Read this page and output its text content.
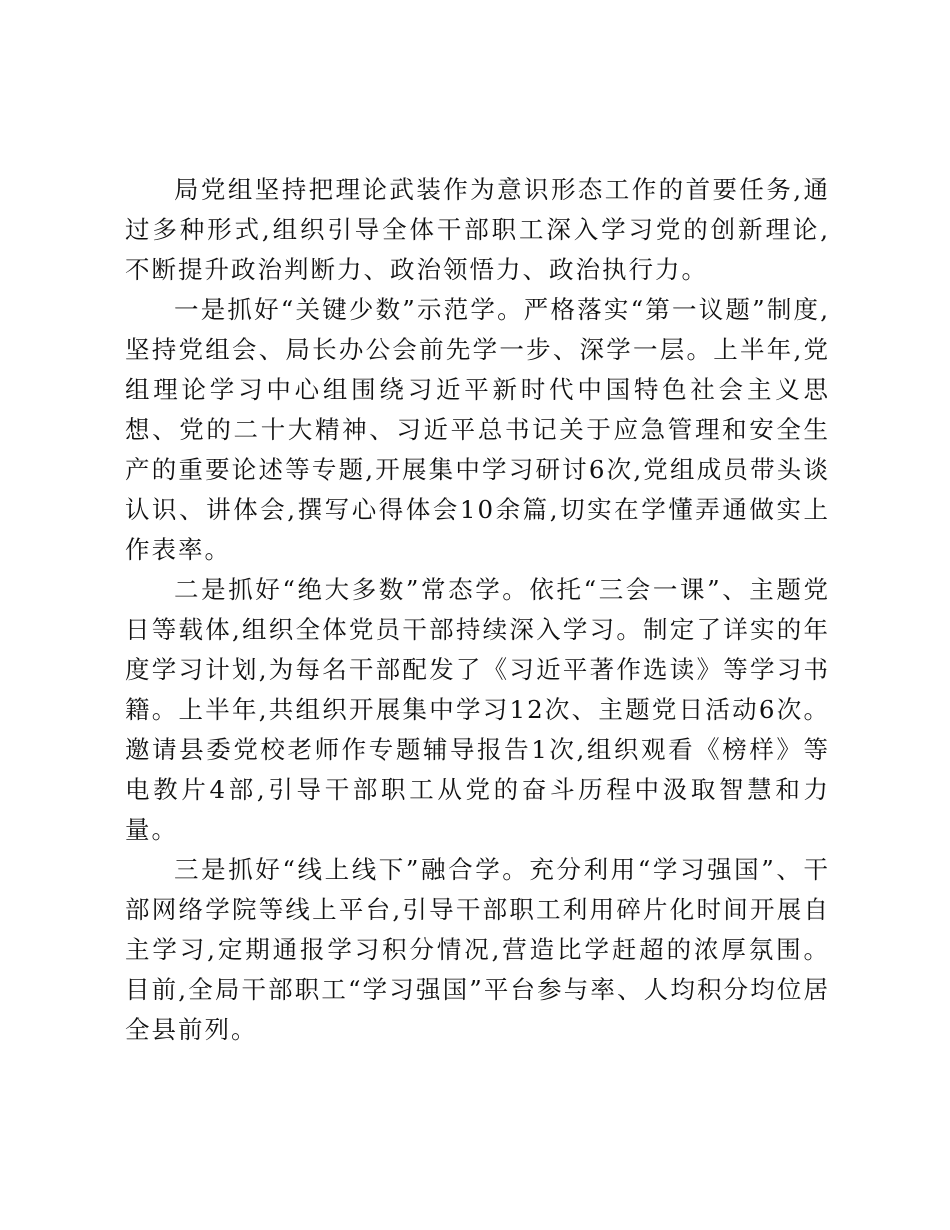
局党组坚持把理论武装作为意识形态工作的首要任务,通过多种形式,组织引导全体干部职工深入学习党的创新理论,不断提升政治判断力、政治领悟力、政治执行力。

一是抓好“关键少数”示范学。严格落实“第一议题”制度,坚持党组会、局长办公会前先学一步、深学一层。上半年,党组理论学习中心组围绕习近平新时代中国特色社会主义思想、党的二十大精神、习近平总书记关于应急管理和安全生产的重要论述等专题,开展集中学习研讨6次,党组成员带头谈认识、讲体会,撰写心得体会10余篇,切实在学懂弄通做实上作表率。

二是抓好“绝大多数”常态学。依托“三会一课”、主题党日等载体,组织全体党员干部持续深入学习。制定了详实的年度学习计划,为每名干部配发了《习近平著作选读》等学习书籍。上半年,共组织开展集中学习12次、主题党日活动6次。邀请县委党校老师作专题辅导报告1次,组织观看《榜样》等电教片4部,引导干部职工从党的奋斗历程中汲取智慧和力量。

三是抓好“线上线下”融合学。充分利用“学习强国”、干部网络学院等线上平台,引导干部职工利用碎片化时间开展自主学习,定期通报学习积分情况,营造比学赶超的浓厚氛围。目前,全局干部职工“学习强国”平台参与率、人均积分均位居全县前列。
